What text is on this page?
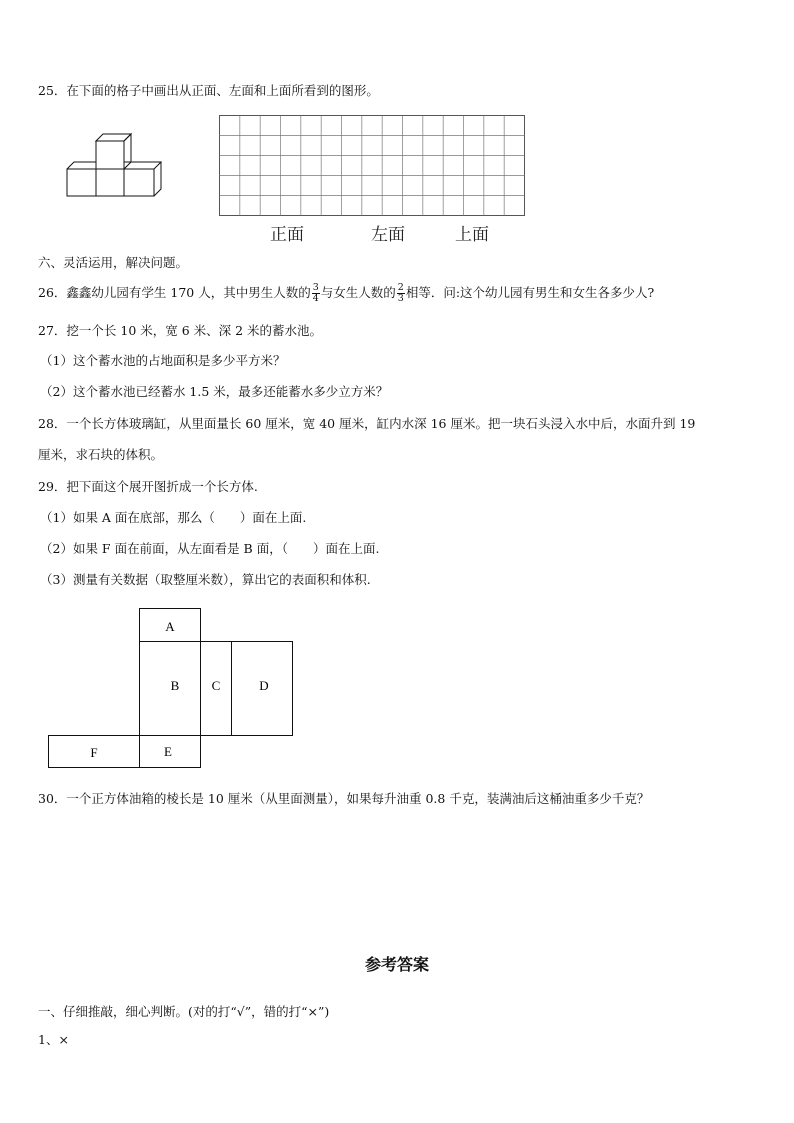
25．在下面的格子中画出从正面、左面和上面所看到的图形。
正面	左面	上面
六、灵活运用，解决问题。
26．鑫鑫幼儿园有学生 170 人，其中男生人数的 $\frac{3}{4}$ 与女生人数的 $\frac{2}{3}$ 相等．问:这个幼儿园有男生和女生各多少人?
27．挖一个长 10 米，宽 6 米、深 2 米的蓄水池。
（1）这个蓄水池的占地面积是多少平方米？
（2）这个蓄水池已经蓄水 1.5 米，最多还能蓄水多少立方米？
28．一个长方体玻璃缸，从里面量长 60 厘米，宽 40 厘米，缸内水深 16 厘米。把一块石头浸入水中后，水面升到 19
厘米，求石块的体积。
29．把下面这个展开图折成一个长方体.
（1）如果 A 面在底部，那么（　　）面在上面.
（2）如果 F 面在前面，从左面看是 B 面，（　　）面在上面.
（3）测量有关数据（取整厘米数），算出它的表面积和体积.
A
B C	D
E
F
30．一个正方体油箱的棱长是 10 厘米（从里面测量），如果每升油重 0.8 千克，装满油后这桶油重多少千克？
参考答案
一、仔细推敲，细心判断。(对的打“√”，错的打“×”)
1、×
